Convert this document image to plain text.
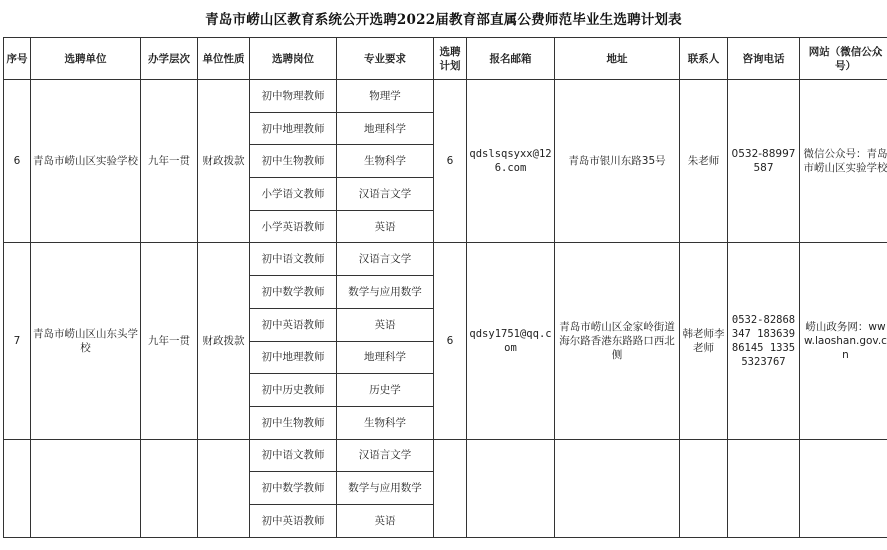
青岛市崂山区教育系统公开选聘2022届教育部直属公费师范毕业生选聘计划表
序号	选聘单位	办学层次	单位性质	选聘岗位	专业要求	选聘计划	报名邮箱	地址	联系人	咨询电话	网站（微信公众号）
6	青岛市崂山区实验学校	九年一贯	财政拨款	初中物理教师	物理学	6	qdslsqsyxx@126.com	青岛市银川东路35号	朱老师	0532-88997587	微信公众号：青岛市崂山区实验学校
				初中地理教师	地理科学						
				初中生物教师	生物科学						
				小学语文教师	汉语言文学						
				小学英语教师	英语						
7	青岛市崂山区山东头学校	九年一贯	财政拨款	初中语文教师	汉语言文学	6	qdsy1751@qq.com	青岛市崂山区金家岭街道海尔路香港东路路口西北侧	韩老师李老师	0532-82868347 18363986145 13355323767	崂山政务网：www.laoshan.gov.cn
				初中数学教师	数学与应用数学						
				初中英语教师	英语						
				初中地理教师	地理科学						
				初中历史教师	历史学						
				初中生物教师	生物科学						
				初中语文教师	汉语言文学						
				初中数学教师	数学与应用数学						
				初中英语教师	英语						
